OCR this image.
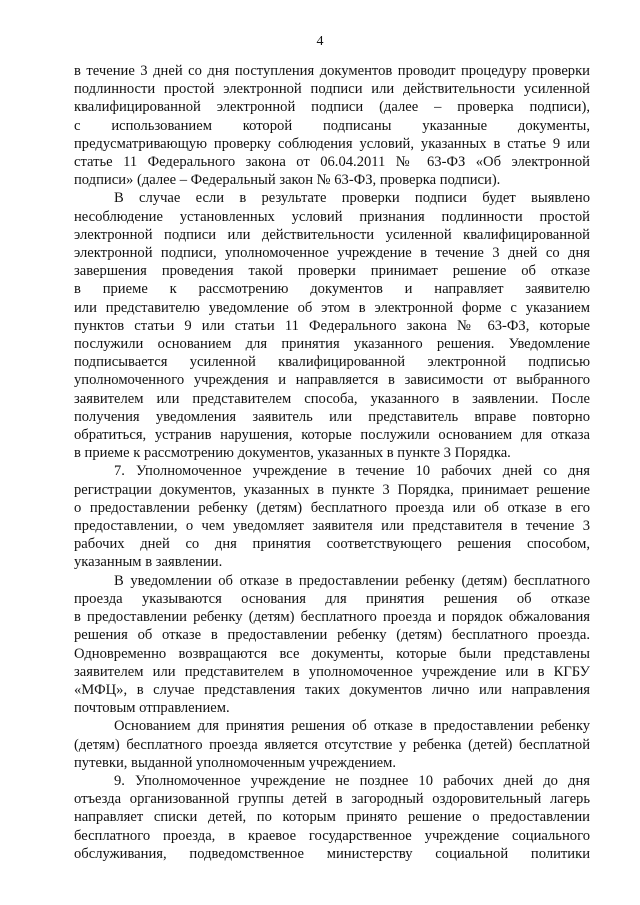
4
в течение 3 дней со дня поступления документов проводит процедуру проверки
подлинности простой электронной подписи или действительности усиленной
квалифицированной электронной подписи (далее – проверка подписи),
с использованием которой подписаны указанные документы,
предусматривающую проверку соблюдения условий, указанных в статье 9 или
статье 11 Федерального закона от 06.04.2011 № 63-ФЗ «Об электронной
подписи» (далее – Федеральный закон № 63-ФЗ, проверка подписи).
В случае если в результате проверки подписи будет выявлено
несоблюдение установленных условий признания подлинности простой
электронной подписи или действительности усиленной квалифицированной
электронной подписи, уполномоченное учреждение в течение 3 дней со дня
завершения проведения такой проверки принимает решение об отказе
в приеме к рассмотрению документов и направляет заявителю
или представителю уведомление об этом в электронной форме с указанием
пунктов статьи 9 или статьи 11 Федерального закона № 63-ФЗ, которые
послужили основанием для принятия указанного решения. Уведомление
подписывается усиленной квалифицированной электронной подписью
уполномоченного учреждения и направляется в зависимости от выбранного
заявителем или представителем способа, указанного в заявлении. После
получения уведомления заявитель или представитель вправе повторно
обратиться, устранив нарушения, которые послужили основанием для отказа
в приеме к рассмотрению документов, указанных в пункте 3 Порядка.
7. Уполномоченное учреждение в течение 10 рабочих дней со дня
регистрации документов, указанных в пункте 3 Порядка, принимает решение
о предоставлении ребенку (детям) бесплатного проезда или об отказе в его
предоставлении, о чем уведомляет заявителя или представителя в течение 3
рабочих дней со дня принятия соответствующего решения способом,
указанным в заявлении.
В уведомлении об отказе в предоставлении ребенку (детям) бесплатного
проезда указываются основания для принятия решения об отказе
в предоставлении ребенку (детям) бесплатного проезда и порядок обжалования
решения об отказе в предоставлении ребенку (детям) бесплатного проезда.
Одновременно возвращаются все документы, которые были представлены
заявителем или представителем в уполномоченное учреждение или в КГБУ
«МФЦ», в случае представления таких документов лично или направления
почтовым отправлением.
Основанием для принятия решения об отказе в предоставлении ребенку
(детям) бесплатного проезда является отсутствие у ребенка (детей) бесплатной
путевки, выданной уполномоченным учреждением.
9. Уполномоченное учреждение не позднее 10 рабочих дней до дня
отъезда организованной группы детей в загородный оздоровительный лагерь
направляет списки детей, по которым принято решение о предоставлении
бесплатного проезда, в краевое государственное учреждение социального
обслуживания, подведомственное министерству социальной политики
